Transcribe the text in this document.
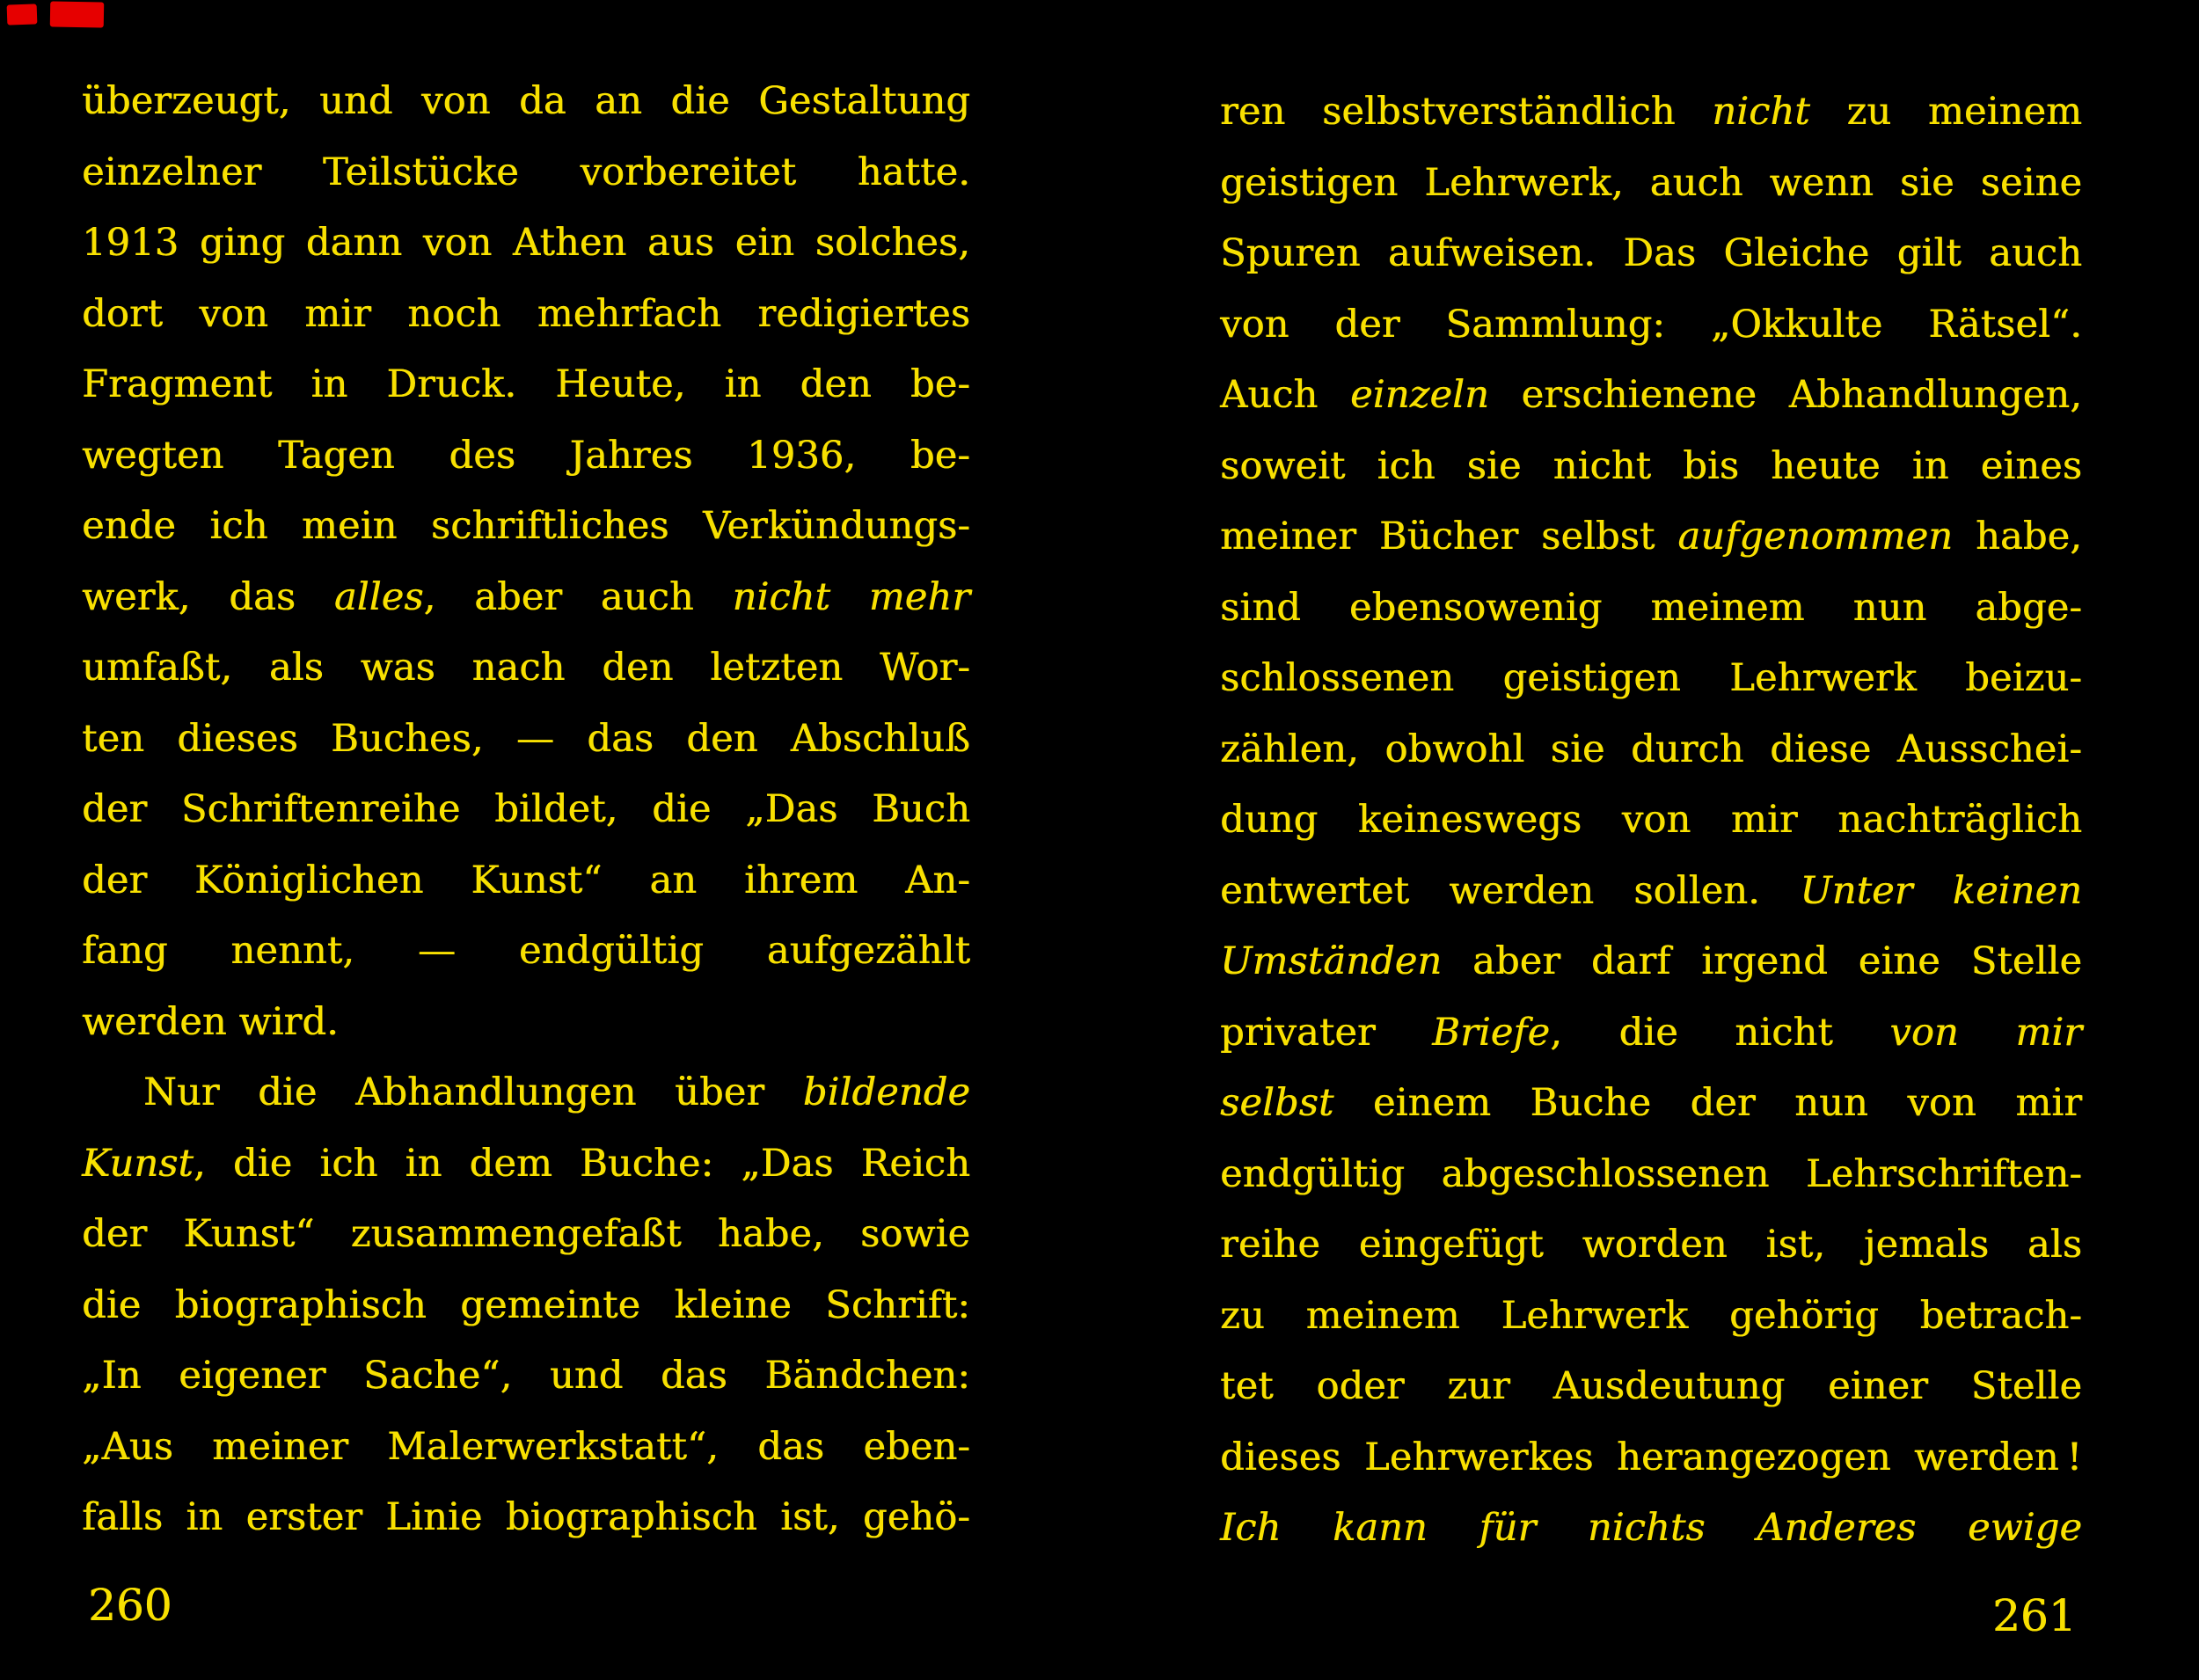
überzeugt, und von da an die Gestaltung
einzelner Teilstücke vorbereitet hatte.
1913 ging dann von Athen aus ein solches,
dort von mir noch mehrfach redigiertes
Fragment in Druck. Heute, in den be-
wegten Tagen des Jahres 1936, be-
ende ich mein schriftliches Verkündungs-
werk, das alles, aber auch nicht mehr
umfaßt, als was nach den letzten Wor-
ten dieses Buches, — das den Abschluß
der Schriftenreihe bildet, die „Das Buch
der Königlichen Kunst“ an ihrem An-
fang nennt, — endgültig aufgezählt
werden wird.
Nur die Abhandlungen über bildende
Kunst, die ich in dem Buche: „Das Reich
der Kunst“ zusammengefaßt habe, sowie
die biographisch gemeinte kleine Schrift:
„In eigener Sache“, und das Bändchen:
„Aus meiner Malerwerkstatt“, das eben-
falls in erster Linie biographisch ist, gehö-
ren selbstverständlich nicht zu meinem
geistigen Lehrwerk, auch wenn sie seine
Spuren aufweisen. Das Gleiche gilt auch
von der Sammlung: „Okkulte Rätsel“.
Auch einzeln erschienene Abhandlungen,
soweit ich sie nicht bis heute in eines
meiner Bücher selbst aufgenommen habe,
sind ebensowenig meinem nun abge-
schlossenen geistigen Lehrwerk beizu-
zählen, obwohl sie durch diese Ausschei-
dung keineswegs von mir nachträglich
entwertet werden sollen. Unter keinen
Umständen aber darf irgend eine Stelle
privater Briefe, die nicht von mir
selbst einem Buche der nun von mir
endgültig abgeschlossenen Lehrschriften-
reihe eingefügt worden ist, jemals als
zu meinem Lehrwerk gehörig betrach-
tet oder zur Ausdeutung einer Stelle
dieses Lehrwerkes herangezogen werden !
Ich kann für nichts Anderes ewige
260	261
